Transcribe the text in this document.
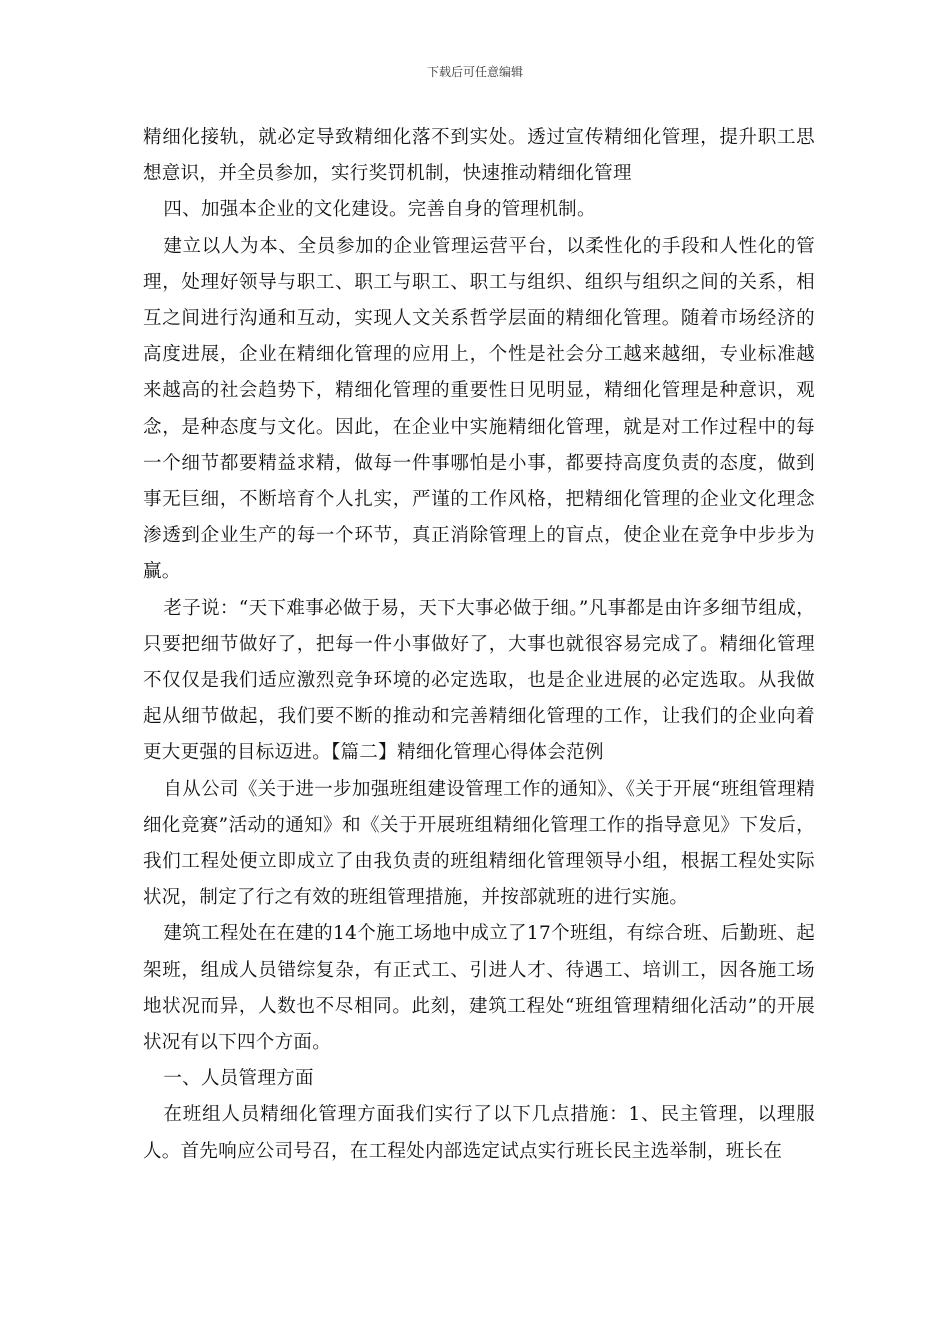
下载后可任意编辑

精细化接轨，就必定导致精细化落不到实处。透过宣传精细化管理，提升职工思想意识，并全员参加，实行奖罚机制，快速推动精细化管理

四、加强本企业的文化建设。完善自身的管理机制。

建立以人为本、全员参加的企业管理运营平台，以柔性化的手段和人性化的管理，处理好领导与职工、职工与职工、职工与组织、组织与组织之间的关系，相互之间进行沟通和互动，实现人文关系哲学层面的精细化管理。随着市场经济的高度进展，企业在精细化管理的应用上，个性是社会分工越来越细，专业标准越来越高的社会趋势下，精细化管理的重要性日见明显，精细化管理是种意识，观念，是种态度与文化。因此，在企业中实施精细化管理，就是对工作过程中的每一个细节都要精益求精，做每一件事哪怕是小事，都要持高度负责的态度，做到事无巨细，不断培育个人扎实，严谨的工作风格，把精细化管理的企业文化理念渗透到企业生产的每一个环节，真正消除管理上的盲点，使企业在竞争中步步为赢。

老子说：“天下难事必做于易，天下大事必做于细。”凡事都是由许多细节组成，只要把细节做好了，把每一件小事做好了，大事也就很容易完成了。精细化管理不仅仅是我们适应激烈竞争环境的必定选取，也是企业进展的必定选取。从我做起从细节做起，我们要不断的推动和完善精细化管理的工作，让我们的企业向着更大更强的目标迈进。【篇二】精细化管理心得体会范例

自从公司《关于进一步加强班组建设管理工作的通知》、《关于开展“班组管理精细化竞赛”活动的通知》和《关于开展班组精细化管理工作的指导意见》下发后，我们工程处便立即成立了由我负责的班组精细化管理领导小组，根据工程处实际状况，制定了行之有效的班组管理措施，并按部就班的进行实施。

建筑工程处在在建的14个施工场地中成立了17个班组，有综合班、后勤班、起架班，组成人员错综复杂，有正式工、引进人才、待遇工、培训工，因各施工场地状况而异，人数也不尽相同。此刻，建筑工程处“班组管理精细化活动”的开展状况有以下四个方面。

一、人员管理方面

在班组人员精细化管理方面我们实行了以下几点措施：1、民主管理，以理服人。首先响应公司号召，在工程处内部选定试点实行班长民主选举制，班长在
